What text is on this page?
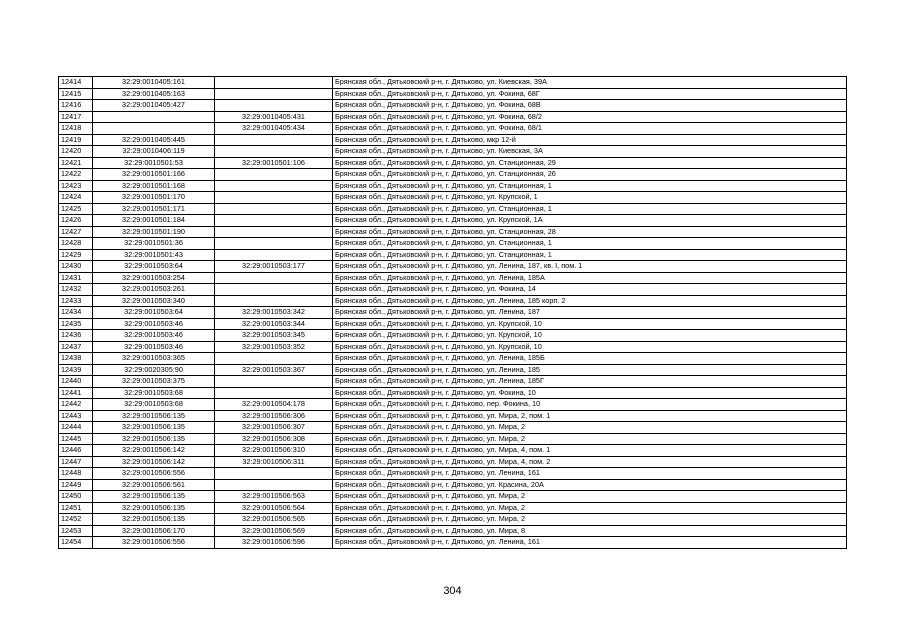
12414	32:29:0010405:161		Брянская обл., Дятьковский р-н, г. Дятьково, ул. Киевская, 39А
12415	32:29:0010405:163		Брянская обл., Дятьковский р-н, г. Дятьково, ул. Фокина, 68Г
12416	32:29:0010405:427		Брянская обл., Дятьковский р-н, г. Дятьково, ул. Фокина, 68В
12417		32:29:0010405:431	Брянская обл., Дятьковский р-н, г. Дятьково, ул. Фокина, 68/2
12418		32:29:0010405:434	Брянская обл., Дятьковский р-н, г. Дятьково, ул. Фокина, 68/1
12419	32:29:0010405:445		Брянская обл., Дятьковский р-н, г. Дятьково, мкр 12-й
12420	32:29:0010406:119		Брянская обл., Дятьковский р-н, г. Дятьково, ул. Киевская, 3А
12421	32:29:0010501:53	32:29:0010501:106	Брянская обл., Дятьковский р-н, г. Дятьково, ул. Станционная, 29
12422	32:29:0010501:166		Брянская обл., Дятьковский р-н, г. Дятьково, ул. Станционная, 26
12423	32:29:0010501:168		Брянская обл., Дятьковский р-н, г. Дятьково, ул. Станционная, 1
12424	32:29:0010501:170		Брянская обл., Дятьковский р-н, г. Дятьково, ул. Крупской, 1
12425	32:29:0010501:171		Брянская обл., Дятьковский р-н, г. Дятьково, ул. Станционная, 1
12426	32:29:0010501:184		Брянская обл., Дятьковский р-н, г. Дятьково, ул. Крупской, 1А
12427	32:29:0010501:190		Брянская обл., Дятьковский р-н, г. Дятьково, ул. Станционная, 28
12428	32:29:0010501:36		Брянская обл., Дятьковский р-н, г. Дятьково, ул. Станционная, 1
12429	32:29:0010501:43		Брянская обл., Дятьковский р-н, г. Дятьково, ул. Станционная, 1
12430	32:29:0010503:64	32:29:0010503:177	Брянская обл., Дятьковский р-н, г. Дятьково, ул. Ленина, 187, кв. I, пом. 1
12431	32:29:0010503:254		Брянская обл., Дятьковский р-н, г. Дятьково, ул. Ленина, 185А
12432	32:29:0010503:261		Брянская обл., Дятьковский р-н, г. Дятьково, ул. Фокина, 14
12433	32:29:0010503:340		Брянская обл., Дятьковский р-н, г. Дятьково, ул. Ленина, 185 корп. 2
12434	32:29:0010503:64	32:29:0010503:342	Брянская обл., Дятьковский р-н, г. Дятьково, ул. Ленина, 187
12435	32:29:0010503:46	32:29:0010503:344	Брянская обл., Дятьковский р-н, г. Дятьково, ул. Крупской, 10
12436	32:29:0010503:46	32:29:0010503:345	Брянская обл., Дятьковский р-н, г. Дятьково, ул. Крупской, 10
12437	32:29:0010503:46	32:29:0010503:352	Брянская обл., Дятьковский р-н, г. Дятьково, ул. Крупской, 10
12438	32:29:0010503:365		Брянская обл., Дятьковский р-н, г. Дятьково, ул. Ленина, 185Б
12439	32:29:0020305:90	32:29:0010503:367	Брянская обл., Дятьковский р-н, г. Дятьково, ул. Ленина, 185
12440	32:29:0010503:375		Брянская обл., Дятьковский р-н, г. Дятьково, ул. Ленина, 185Г
12441	32:29:0010503:68		Брянская обл., Дятьковский р-н, г. Дятьково, ул. Фокина, 10
12442	32:29:0010503:68	32:29:0010504:178	Брянская обл., Дятьковский р-н, г. Дятьково, пер. Фокина, 10
12443	32:29:0010506:135	32:29:0010506:306	Брянская обл., Дятьковский р-н, г. Дятьково, ул. Мира, 2, пом. 1
12444	32:29:0010506:135	32:29:0010506:307	Брянская обл., Дятьковский р-н, г. Дятьково, ул. Мира, 2
12445	32:29:0010506:135	32:29:0010506:308	Брянская обл., Дятьковский р-н, г. Дятьково, ул. Мира, 2
12446	32:29:0010506:142	32:29:0010506:310	Брянская обл., Дятьковский р-н, г. Дятьково, ул. Мира, 4, пом. 1
12447	32:29:0010506:142	32:29:0010506:311	Брянская обл., Дятьковский р-н, г. Дятьково, ул. Мира, 4, пом. 2
12448	32:29:0010506:556		Брянская обл., Дятьковский р-н, г. Дятьково, ул. Ленина, 161
12449	32:29:0010506:561		Брянская обл., Дятьковский р-н, г. Дятьково, ул. Красина, 20А
12450	32:29:0010506:135	32:29:0010506:563	Брянская обл., Дятьковский р-н, г. Дятьково, ул. Мира, 2
12451	32:29:0010506:135	32:29:0010506:564	Брянская обл., Дятьковский р-н, г. Дятьково, ул. Мира, 2
12452	32:29:0010506:135	32:29:0010506:565	Брянская обл., Дятьковский р-н, г. Дятьково, ул. Мира, 2
12453	32:29:0010506:170	32:29:0010506:569	Брянская обл., Дятьковский р-н, г. Дятьково, ул. Мира, 8
12454	32:29:0010506:556	32:29:0010506:596	Брянская обл., Дятьковский р-н, г. Дятьково, ул. Ленина, 161
304
